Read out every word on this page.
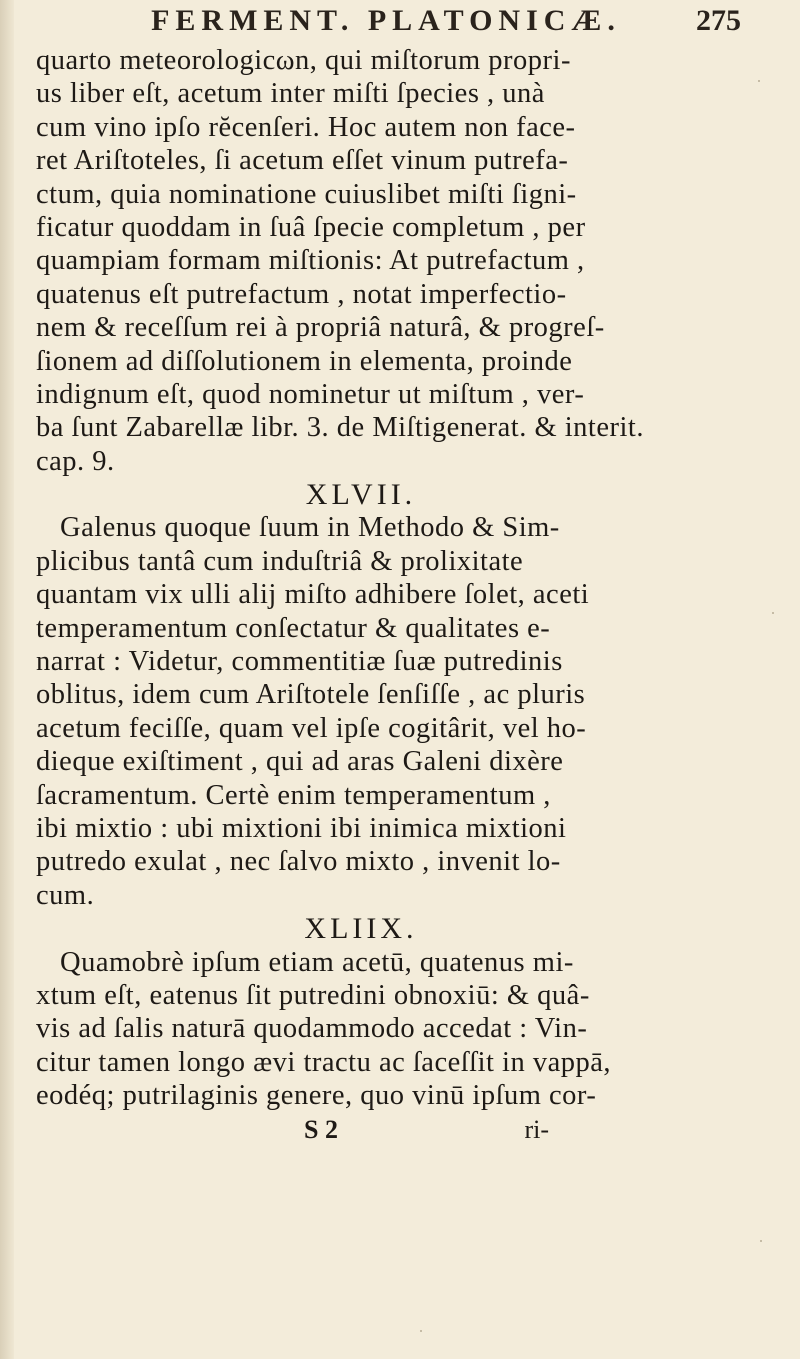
FERMENT. PLATONICÆ.	275
quarto meteorologicωn, qui miſtorum propri-
us liber eſt, acetum inter miſti ſpecies , unà
cum vino ipſo rĕcenſeri. Hoc autem non face-
ret Ariſtoteles, ſi acetum eſſet vinum putrefa-
ctum, quia nominatione cuiuslibet miſti ſigni-
ficatur quoddam in ſuâ ſpecie completum , per
quampiam formam miſtionis: At putrefactum ,
quatenus eſt putrefactum , notat imperfectio-
nem & receſſum rei à propriâ naturâ, & progreſ-
ſionem ad diſſolutionem in elementa, proinde
indignum eſt, quod nominetur ut miſtum , ver-
ba ſunt Zabarellæ libr. 3. de Miſtigenerat. & interit.
cap. 9.
XLVII.
Galenus quoque ſuum in Methodo & Sim-
plicibus tantâ cum induſtriâ & prolixitate
quantam vix ulli alij miſto adhibere ſolet, aceti
temperamentum conſectatur & qualitates e-
narrat : Videtur, commentitiæ ſuæ putredinis
oblitus, idem cum Ariſtotele ſenſiſſe , ac pluris
acetum feciſſe, quam vel ipſe cogitârit, vel ho-
dieque exiſtiment , qui ad aras Galeni dixère
ſacramentum. Certè enim temperamentum ,
ibi mixtio : ubi mixtioni ibi inimica mixtioni
putredo exulat , nec ſalvo mixto , invenit lo-
cum.
XLIIX.
Quamobrè ipſum etiam acetū, quatenus mi-
xtum eſt, eatenus ſit putredini obnoxiū: & quâ-
vis ad ſalis naturā quodammodo accedat : Vin-
citur tamen longo ævi tractu ac ſaceſſit in vappā,
eodéq; putrilaginis genere, quo vinū ipſum cor-
S 2	ri-
